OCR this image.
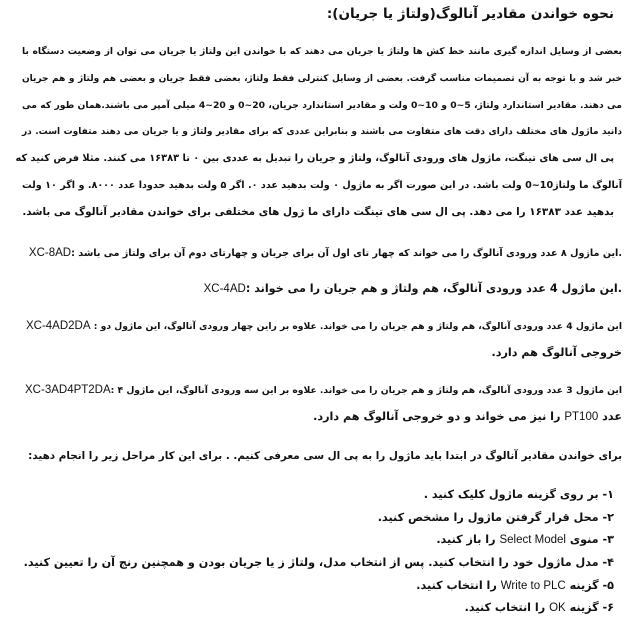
نحوه خواندن مقادیر آنالوگ(ولتاژ یا جریان):
بعضی از وسایل اندازه گیری مانند خط کش ها ولتاژ یا جریان می دهند که با خواندن این ولتاژ یا جریان می توان از وضعیت دستگاه با
خبر شد و با توجه به آن تصمیمات مناسب گرفت. بعضی از وسایل کنترلی فقط ولتاژ، بعضی فقط جریان و بعضی هم ولتاژ و هم جریان
می دهند. مقادیر استاندارد ولتاژ، 5~0 و 10~0 ولت و مقادیر استاندارد جریان، 20~0 و 20~4 میلی آمپر می باشند.همان طور که می
دانید ماژول های مختلف دارای دقت های متفاوت می باشند و بنابراین عددی که برای مقادیر ولتاژ و یا جریان می دهند متفاوت است. در
پی ال سی های تینگت، ماژول های ورودی آنالوگ، ولتاژ و جریان را تبدیل به عددی بین ۰ تا ۱۶۳۸۳ می کنند. مثلا فرض کنید که
آنالوگ ما ولتاژ10~0 ولت باشد. در این صورت اگر به ماژول ۰ ولت بدهید عدد ۰. اگر ۵ ولت بدهید حدودا عدد ۸۰۰۰. و اگر ۱۰ ولت
بدهید عدد ۱۶۳۸۳ را می دهد. پی ال سی های تینگت دارای ما ژول های مختلفی برای خواندن مقادیر آنالوگ می باشد.
XC-8AD: این ماژول ۸ عدد ورودی آنالوگ را می خواند که چهار تای اول آن برای جریان و چهارتای دوم آن برای ولتاژ می باشد.
XC-4AD: این ماژول 4 عدد ورودی آنالوگ، هم ولتاژ و هم جریان را می خواند.
XC-4AD2DA : این ماژول 4 عدد ورودی آنالوگ، هم ولتاژ و هم جریان را می خواند. علاوه بر راین چهار ورودی آنالوگ، این ماژول دو
خروجی آنالوگ هم دارد.
XC-3AD4PT2DA: این ماژول 3 عدد ورودی آنالوگ، هم ولتاژ و هم جریان را می خواند. علاوه بر این سه ورودی آنالوگ، این ماژول ۴
عدد PT100 را نیز می خواند و دو خروجی آنالوگ هم دارد.
برای خواندن مقادیر آنالوگ در ابتدا باید ماژول را به پی ال سی معرفی کنیم. . برای این کار مراحل زیر را انجام دهید:
۱- بر روی گزینه ماژول کلیک کنید .
۲- محل قرار گرفتن ماژول را مشخص کنید.
۳- منوی Select Model را باز کنید.
۴- مدل ماژول خود را انتخاب کنید. پس از انتخاب مدل، ولتاژ ز یا جریان بودن و همچنین رنج آن را تعیین کنید.
۵- گزینه Write to PLC را انتخاب کنید.
۶- گزینه OK را انتخاب کنید.
